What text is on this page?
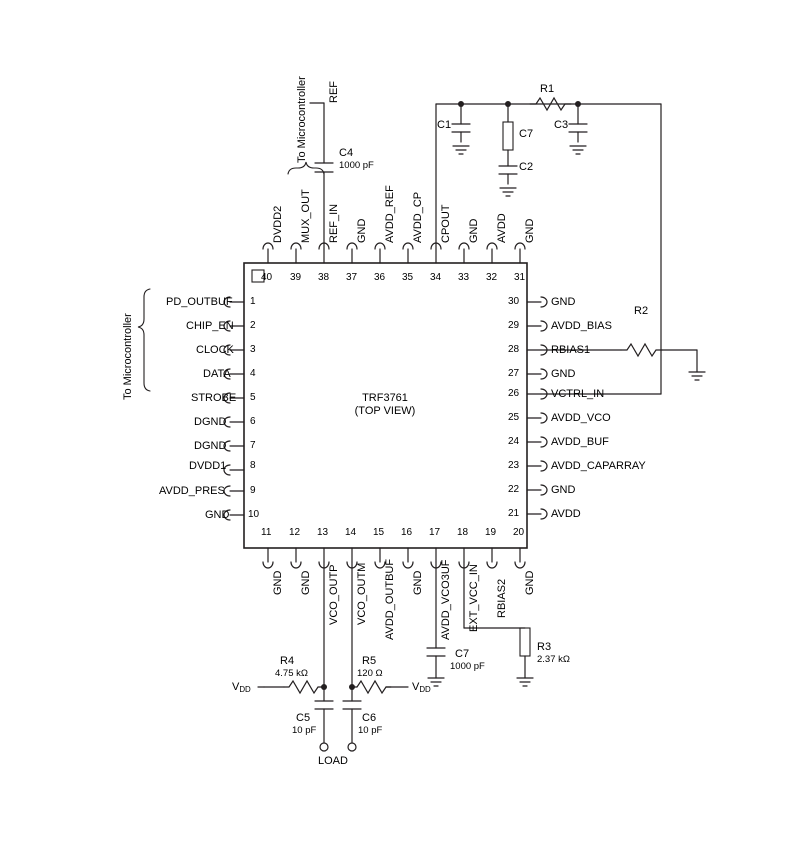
TRF3761
(TOP VIEW)
PD_OUTBUF
CHIP_EN
CLOCK
DATA
STROBE
DGND
DGND
DVDD1
AVDD_PRES
GND
1
2
3
4
5
6
7
8
9
10
GND
AVDD_BIAS
RBIAS1
GND
VCTRL_IN
AVDD_VCO
AVDD_BUF
AVDD_CAPARRAY
GND
AVDD
30
29
28
27
26
25
24
23
22
21
40 39 38 37 36 35 34 33 32 31
DVDD2 MUX_OUT REF_IN GND AVDD_REF AVDD_CP CPOUT GND AVDD GND
11 12 13 14 15 16 17 18 19 20
GND GND VCO_OUTP VCO_OUTM AVDD_OUTBUF GND AVDD_VCO3UF EXT_VCC_IN RBIAS2 GND
To Microcontroller
To Microcontroller REF
C4
1000 pF
C1
C7
C2
R1
C3
R2
R3
2.37 kΩ
R4
4.75 kΩ
R5
120 Ω
C5
10 pF
C6
10 pF
C7
1000 pF
$V_{DD}$	$V_{DD}$
LOAD
